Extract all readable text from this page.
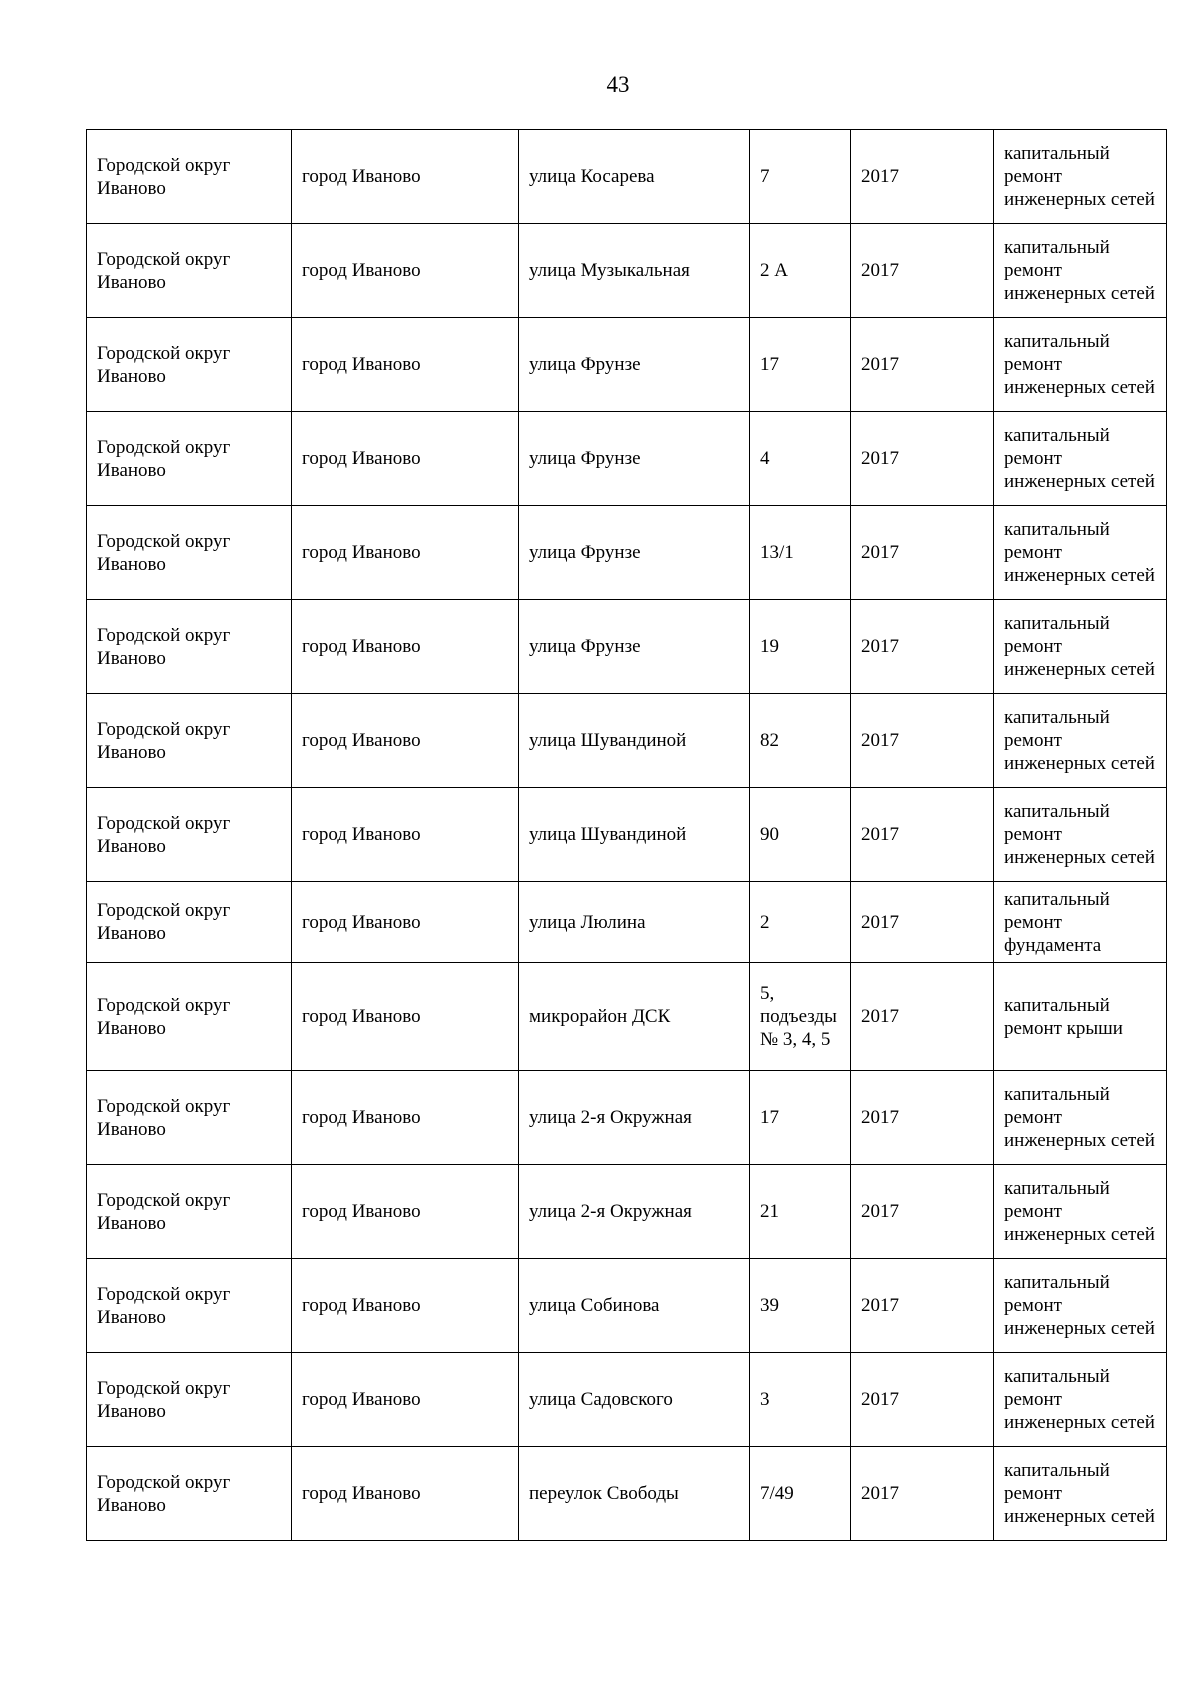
43
Городской округ Иваново	город Иваново	улица Косарева	7	2017	капитальный ремонт инженерных сетей
Городской округ Иваново	город Иваново	улица Музыкальная	2 А	2017	капитальный ремонт инженерных сетей
Городской округ Иваново	город Иваново	улица Фрунзе	17	2017	капитальный ремонт инженерных сетей
Городской округ Иваново	город Иваново	улица Фрунзе	4	2017	капитальный ремонт инженерных сетей
Городской округ Иваново	город Иваново	улица Фрунзе	13/1	2017	капитальный ремонт инженерных сетей
Городской округ Иваново	город Иваново	улица Фрунзе	19	2017	капитальный ремонт инженерных сетей
Городской округ Иваново	город Иваново	улица Шувандиной	82	2017	капитальный ремонт инженерных сетей
Городской округ Иваново	город Иваново	улица Шувандиной	90	2017	капитальный ремонт инженерных сетей
Городской округ Иваново	город Иваново	улица Люлина	2	2017	капитальный ремонт фундамента
Городской округ Иваново	город Иваново	микрорайон ДСК	5, подъезды № 3, 4, 5	2017	капитальный ремонт крыши
Городской округ Иваново	город Иваново	улица 2-я Окружная	17	2017	капитальный ремонт инженерных сетей
Городской округ Иваново	город Иваново	улица 2-я Окружная	21	2017	капитальный ремонт инженерных сетей
Городской округ Иваново	город Иваново	улица Собинова	39	2017	капитальный ремонт инженерных сетей
Городской округ Иваново	город Иваново	улица Садовского	3	2017	капитальный ремонт инженерных сетей
Городской округ Иваново	город Иваново	переулок Свободы	7/49	2017	капитальный ремонт инженерных сетей
